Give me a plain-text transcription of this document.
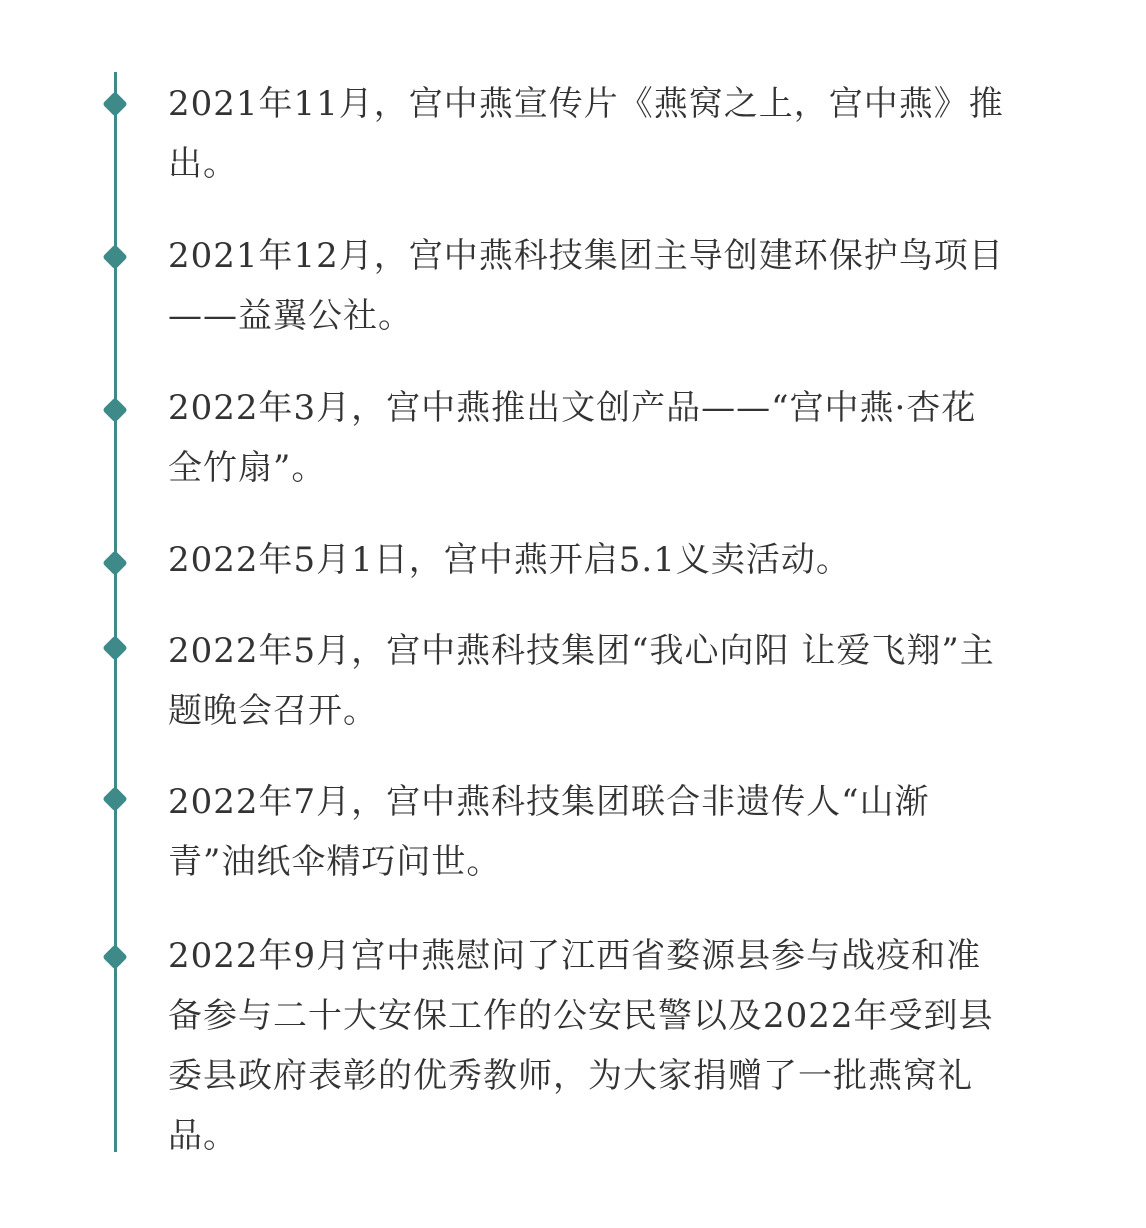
2021年11月，宫中燕宣传片《燕窝之上，宫中燕》推出。

2021年12月，宫中燕科技集团主导创建环保护鸟项目——益翼公社。

2022年3月，宫中燕推出文创产品——“宫中燕·杏花全竹扇”。

2022年5月1日，宫中燕开启5.1义卖活动。

2022年5月，宫中燕科技集团“我心向阳 让爱飞翔”主题晚会召开。

2022年7月，宫中燕科技集团联合非遗传人“山渐青”油纸伞精巧问世。

2022年9月宫中燕慰问了江西省婺源县参与战疫和准备参与二十大安保工作的公安民警以及2022年受到县委县政府表彰的优秀教师，为大家捐赠了一批燕窝礼品。
